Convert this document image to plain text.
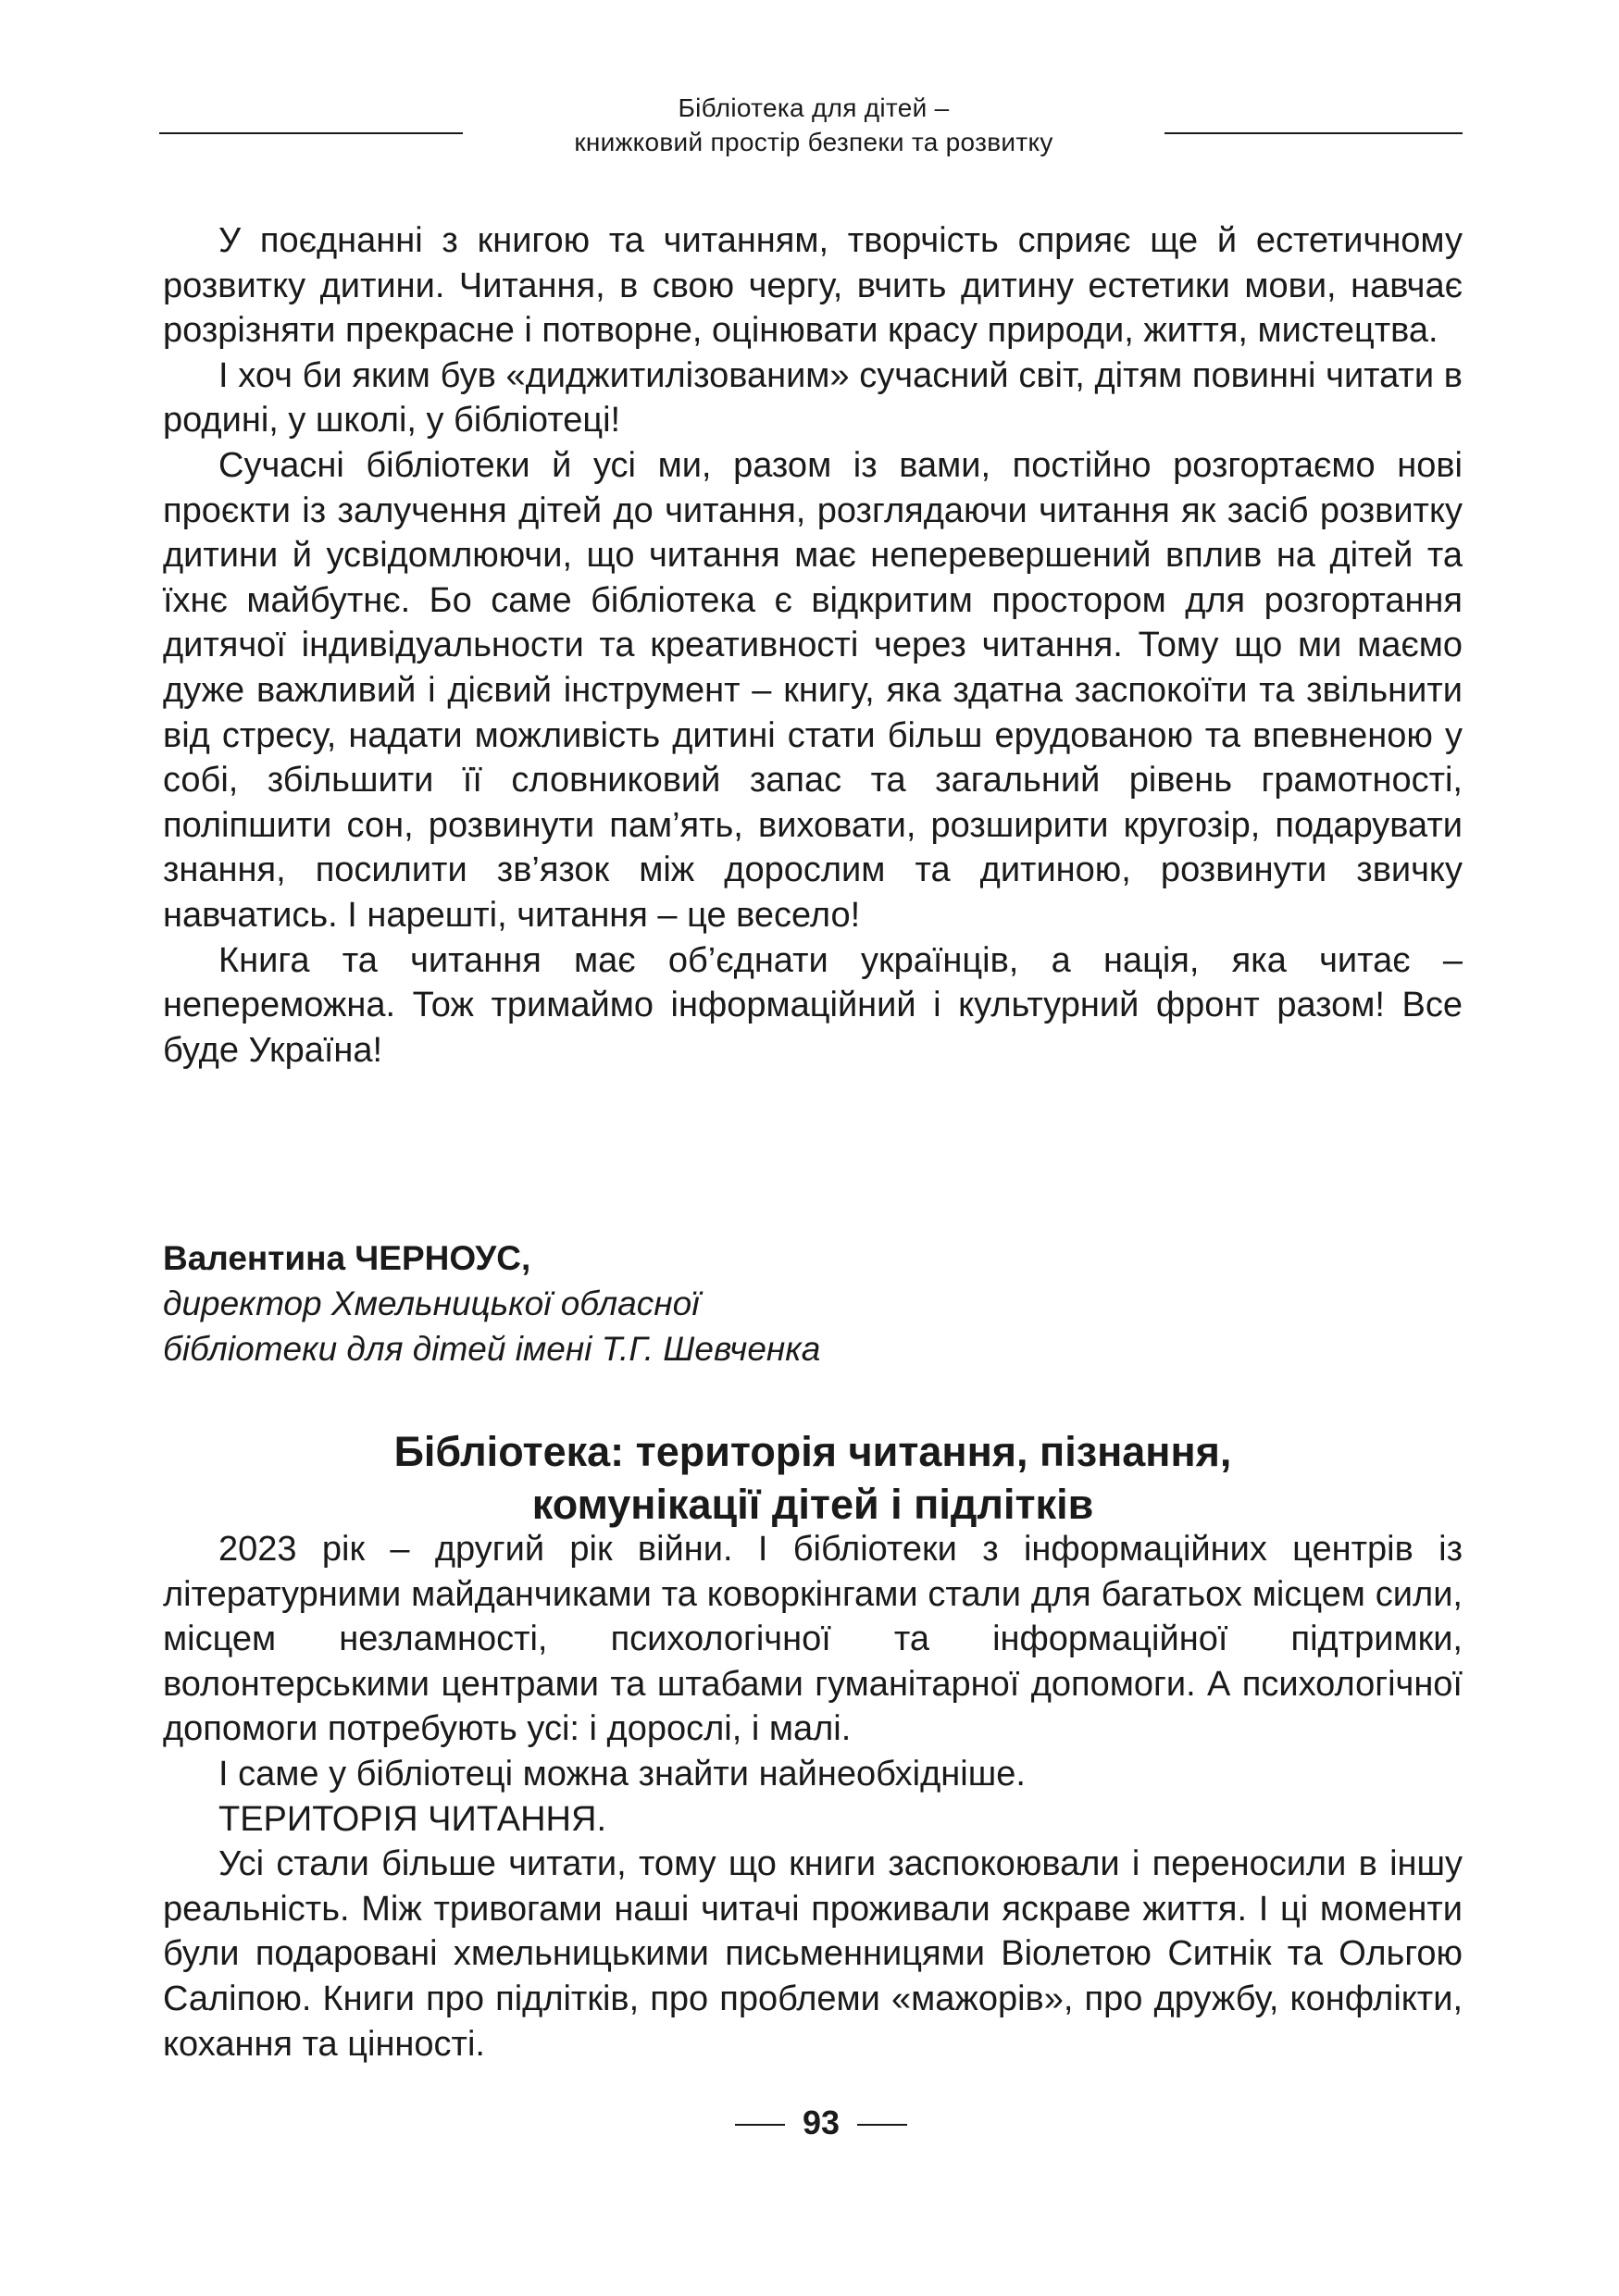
Бібліотека для дітей –
книжковий простір безпеки та розвитку

У поєднанні з книгою та читанням, творчість сприяє ще й естетичному розвитку дитини. Читання, в свою чергу, вчить дитину естетики мови, навчає розрізняти прекрасне і потворне, оцінювати красу природи, життя, мистецтва.

І хоч би яким був «диджитилізованим» сучасний світ, дітям повинні читати в родині, у школі, у бібліотеці!

Сучасні бібліотеки й усі ми, разом із вами, постійно розгортаємо нові проєкти із залучення дітей до читання, розглядаючи читання як засіб розвитку дитини й усвідомлюючи, що читання має неперевершений вплив на дітей та їхнє майбутнє. Бо саме бібліотека є відкритим простором для розгортання дитячої індивідуальности та креативності через читання. Тому що ми маємо дуже важливий і дієвий інструмент – книгу, яка здатна заспокоїти та звільнити від стресу, надати можливість дитині стати більш ерудованою та впевненою у собі, збільшити її словниковий запас та загальний рівень грамотності, поліпшити сон, розвинути пам’ять, виховати, розширити кругозір, подарувати знання, посилити зв’язок між дорослим та дитиною, розвинути звичку навчатись. І нарешті, читання – це весело!

Книга та читання має об’єднати українців, а нація, яка читає – непереможна. Тож тримаймо інформаційний і культурний фронт разом! Все буде Україна!

Валентина ЧЕРНОУС,
директор Хмельницької обласної
бібліотеки для дітей імені Т.Г. Шевченка
Бібліотека: територія читання, пізнання,
комунікації дітей і підлітків

2023 рік – другий рік війни. І бібліотеки з інформаційних центрів із літературними майданчиками та коворкінгами стали для багатьох місцем сили, місцем незламності, психологічної та інформаційної підтримки, волонтерськими центрами та штабами гуманітарної допомоги. А психологічної допомоги потребують усі: і дорослі, і малі.

І саме у бібліотеці можна знайти найнеобхідніше.

ТЕРИТОРІЯ ЧИТАННЯ.

Усі стали більше читати, тому що книги заспокоювали і переносили в іншу реальність. Між тривогами наші читачі проживали яскраве життя. І ці моменти були подаровані хмельницькими письменницями Віолетою Ситнік та Ольгою Саліпою. Книги про підлітків, про проблеми «мажорів», про дружбу, конфлікти, кохання та цінності.

93
